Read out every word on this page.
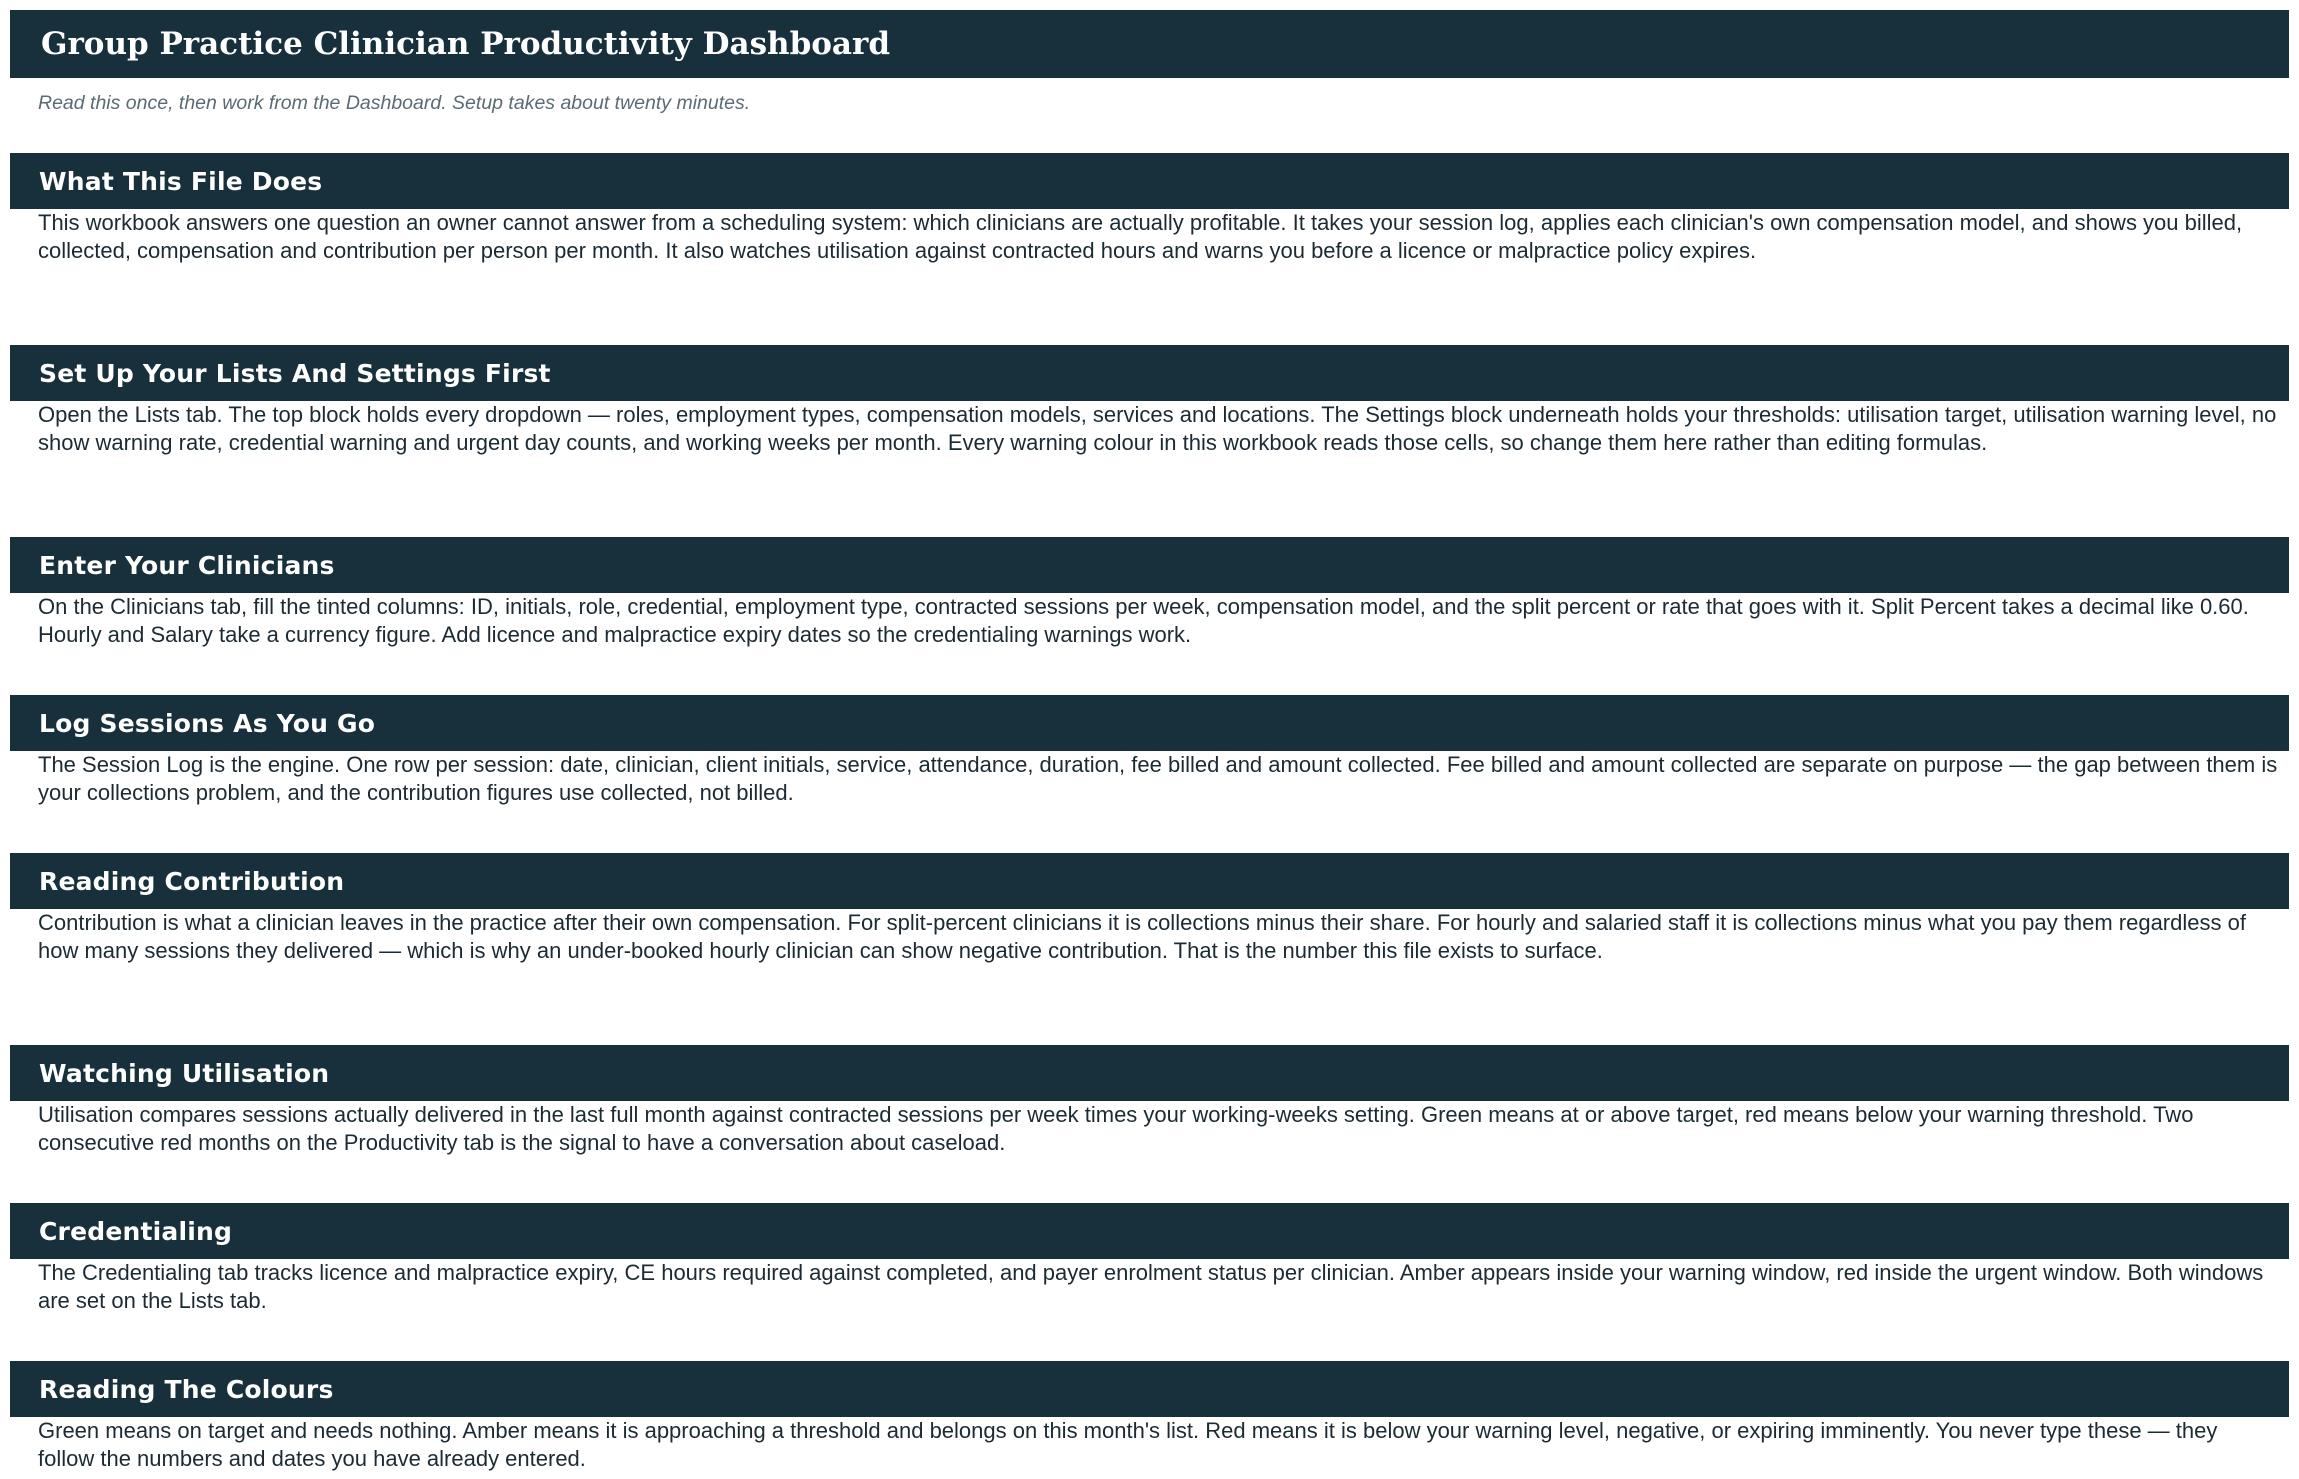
Group Practice Clinician Productivity Dashboard
Read this once, then work from the Dashboard. Setup takes about twenty minutes.
What This File Does

This workbook answers one question an owner cannot answer from a scheduling system: which clinicians are actually profitable. It takes your session log, applies each clinician's own compensation model, and shows you billed, collected, compensation and contribution per person per month. It also watches utilisation against contracted hours and warns you before a licence or malpractice policy expires.

Set Up Your Lists And Settings First

Open the Lists tab. The top block holds every dropdown — roles, employment types, compensation models, services and locations. The Settings block underneath holds your thresholds: utilisation target, utilisation warning level, no show warning rate, credential warning and urgent day counts, and working weeks per month. Every warning colour in this workbook reads those cells, so change them here rather than editing formulas.

Enter Your Clinicians

On the Clinicians tab, fill the tinted columns: ID, initials, role, credential, employment type, contracted sessions per week, compensation model, and the split percent or rate that goes with it. Split Percent takes a decimal like 0.60. Hourly and Salary take a currency figure. Add licence and malpractice expiry dates so the credentialing warnings work.

Log Sessions As You Go

The Session Log is the engine. One row per session: date, clinician, client initials, service, attendance, duration, fee billed and amount collected. Fee billed and amount collected are separate on purpose — the gap between them is your collections problem, and the contribution figures use collected, not billed.

Reading Contribution

Contribution is what a clinician leaves in the practice after their own compensation. For split-percent clinicians it is collections minus their share. For hourly and salaried staff it is collections minus what you pay them regardless of how many sessions they delivered — which is why an under-booked hourly clinician can show negative contribution. That is the number this file exists to surface.

Watching Utilisation

Utilisation compares sessions actually delivered in the last full month against contracted sessions per week times your working-weeks setting. Green means at or above target, red means below your warning threshold. Two consecutive red months on the Productivity tab is the signal to have a conversation about caseload.

Credentialing

The Credentialing tab tracks licence and malpractice expiry, CE hours required against completed, and payer enrolment status per clinician. Amber appears inside your warning window, red inside the urgent window. Both windows are set on the Lists tab.

Reading The Colours

Green means on target and needs nothing. Amber means it is approaching a threshold and belongs on this month's list. Red means it is below your warning level, negative, or expiring imminently. You never type these — they follow the numbers and dates you have already entered.
